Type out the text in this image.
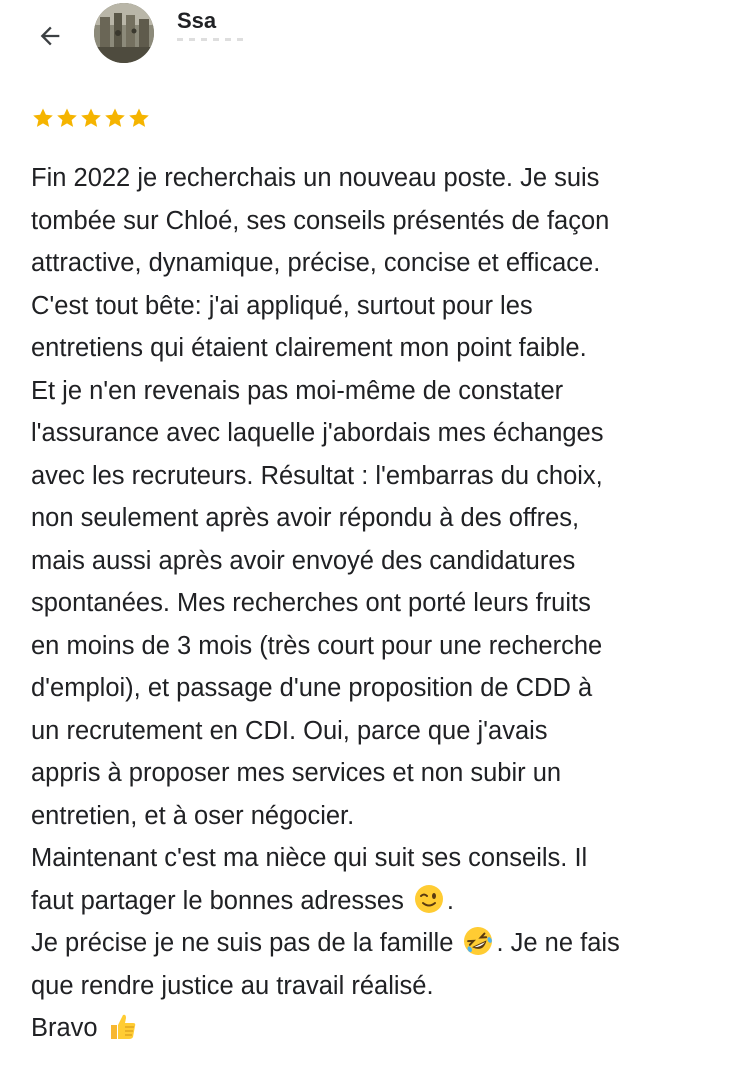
Ssa
Fin 2022 je recherchais un nouveau poste. Je suis
tombée sur Chloé, ses conseils présentés de façon
attractive, dynamique, précise, concise et efficace.
C'est tout bête: j'ai appliqué, surtout pour les
entretiens qui étaient clairement mon point faible.
Et je n'en revenais pas moi-même de constater
l'assurance avec laquelle j'abordais mes échanges
avec les recruteurs. Résultat : l'embarras du choix,
non seulement après avoir répondu à des offres,
mais aussi après avoir envoyé des candidatures
spontanées. Mes recherches ont porté leurs fruits
en moins de 3 mois (très court pour une recherche
d'emploi), et passage d'une proposition de CDD à
un recrutement en CDI. Oui, parce que j'avais
appris à proposer mes services et non subir un
entretien, et à oser négocier.
Maintenant c'est ma nièce qui suit ses conseils. Il
faut partager le bonnes adresses .
Je précise je ne suis pas de la famille . Je ne fais
que rendre justice au travail réalisé.
Bravo
